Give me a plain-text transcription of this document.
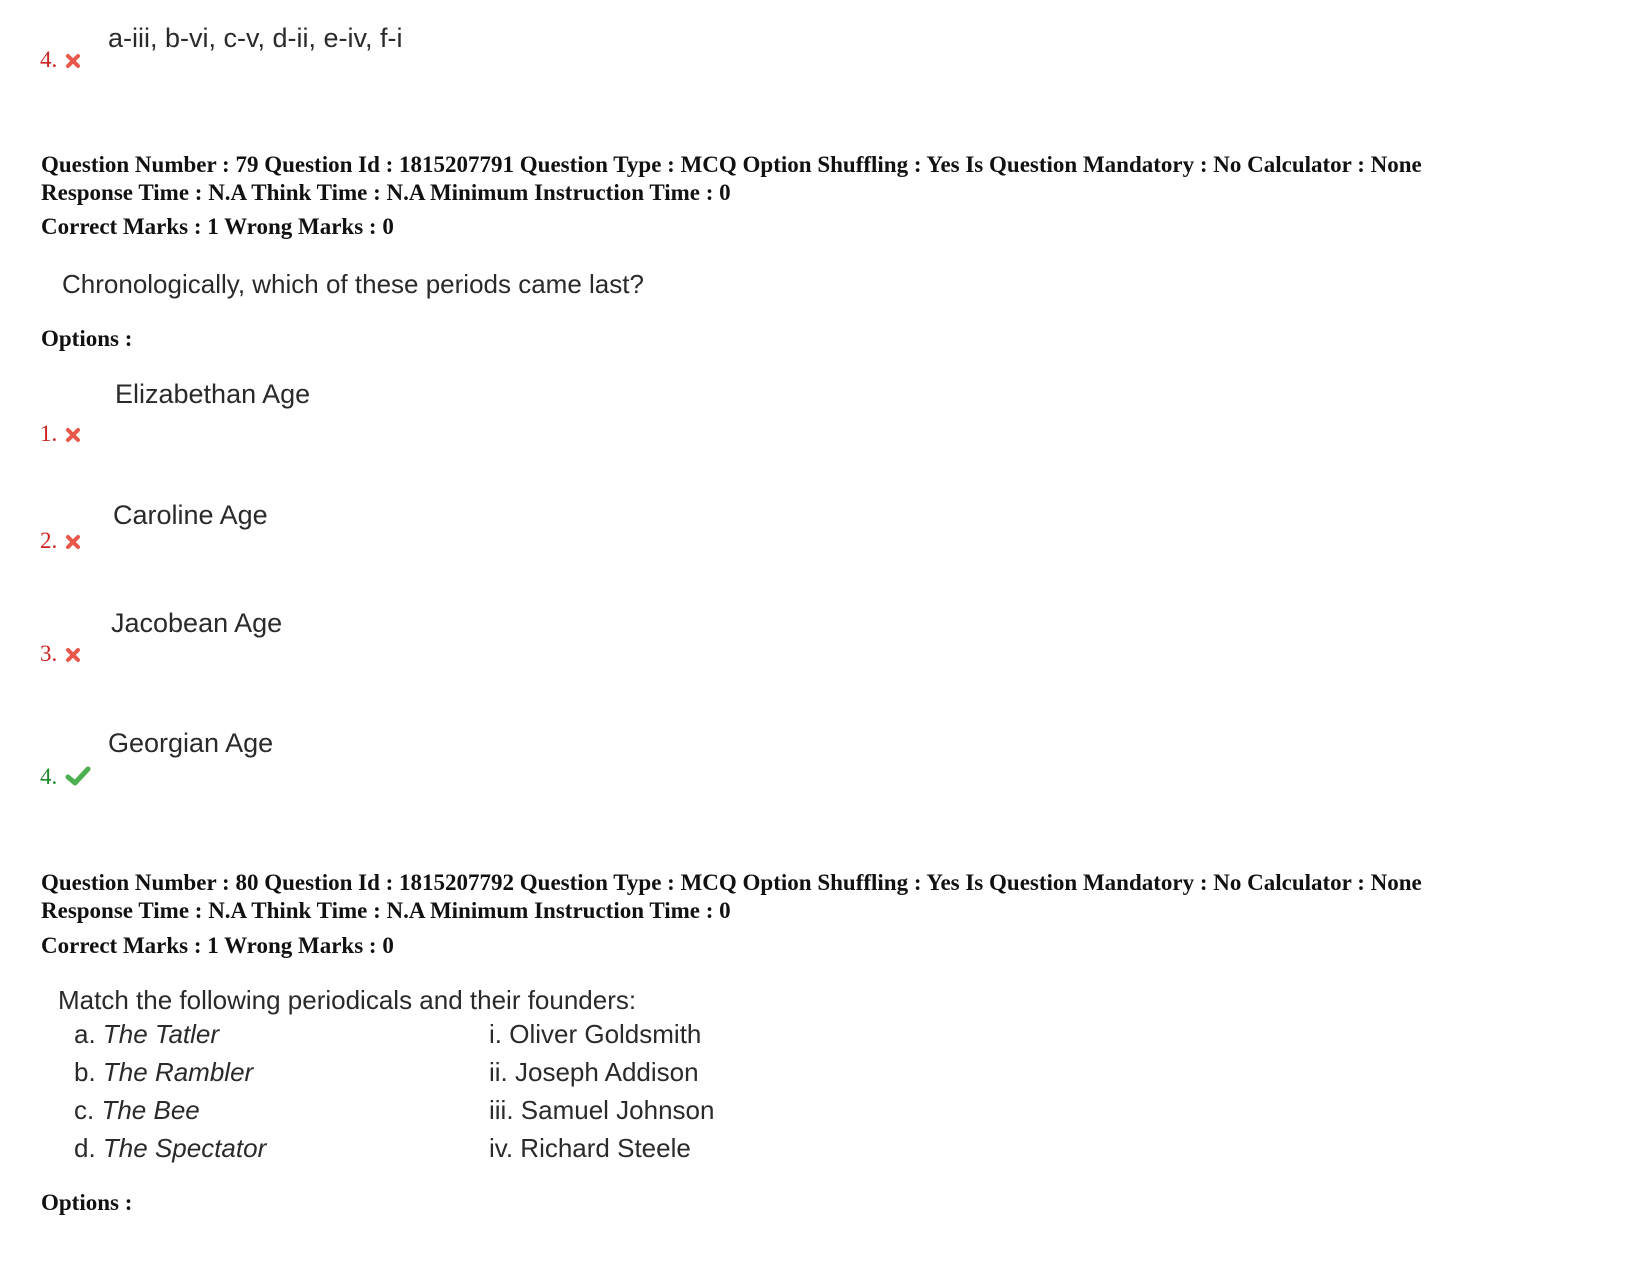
a-iii, b-vi, c-v, d-ii, e-iv, f-i
4.
Question Number : 79 Question Id : 1815207791 Question Type : MCQ Option Shuffling : Yes Is Question Mandatory : No Calculator : None
Response Time : N.A Think Time : N.A Minimum Instruction Time : 0
Correct Marks : 1 Wrong Marks : 0
Chronologically, which of these periods came last?
Options :
Elizabethan Age
1.
Caroline Age
2.
Jacobean Age
3.
Georgian Age
4.
Question Number : 80 Question Id : 1815207792 Question Type : MCQ Option Shuffling : Yes Is Question Mandatory : No Calculator : None
Response Time : N.A Think Time : N.A Minimum Instruction Time : 0
Correct Marks : 1 Wrong Marks : 0
Match the following periodicals and their founders:
a. The Tatler
b. The Rambler
c. The Bee
d. The Spectator
i. Oliver Goldsmith
ii. Joseph Addison
iii. Samuel Johnson
iv. Richard Steele
Options :
